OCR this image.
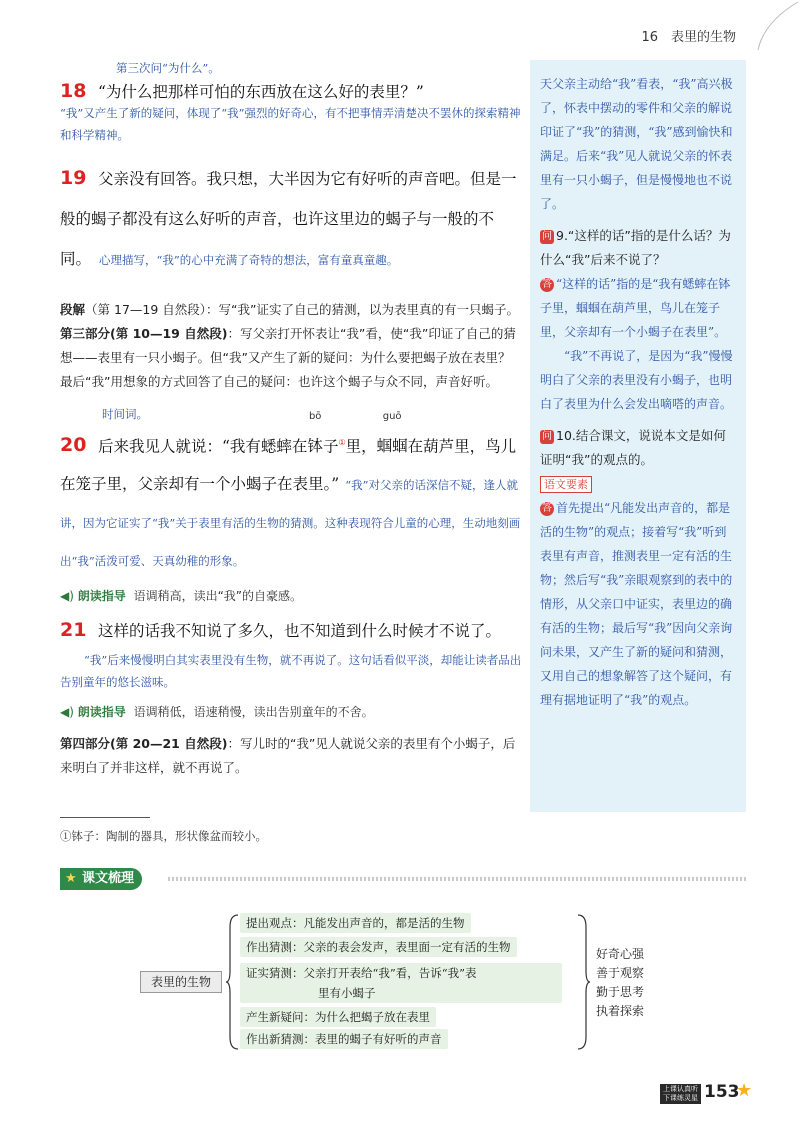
16　表里的生物
第三次问“为什么”。
18 “为什么把那样可怕的东西放在这么好的表里？”
“我”又产生了新的疑问，体现了“我”强烈的好奇心，有不把事情弄清楚决不罢休的探索精神和科学精神。
19 父亲没有回答。我只想，大半因为它有好听的声音吧。但是一般的蝎子都没有这么好听的声音，也许这里边的蝎子与一般的不同。 心理描写，“我”的心中充满了奇特的想法，富有童真童趣。
段解（第 17—19 自然段）：写“我”证实了自己的猜测，以为表里真的有一只蝎子。
第三部分(第 10—19 自然段)：写父亲打开怀表让“我”看，使“我”印证了自己的猜想——表里有一只小蝎子。但“我”又产生了新的疑问：为什么要把蝎子放在表里？最后“我”用想象的方式回答了自己的疑问：也许这个蝎子与众不同，声音好听。
时间词。
20 后来我见人就说：“我有蟋蟀在
bō
钵子①里，
guō
蝈蝈在葫芦里，鸟儿在笼子里，父亲却有一个小蝎子在表里。” “我”对父亲的话深信不疑，逢人就讲，因为它证实了“我”关于表里有活的生物的猜测。这种表现符合儿童的心理，生动地刻画出“我”活泼可爱、天真幼稚的形象。
◀) 朗读指导 语调稍高，读出“我”的自豪感。
21 这样的话我不知说了多久，也不知道到什么时候才不说了。
“我”后来慢慢明白其实表里没有生物，就不再说了。这句话看似平淡，却能让读者品出告别童年的悠长滋味。
◀) 朗读指导 语调稍低，语速稍慢，读出告别童年的不舍。
第四部分(第 20—21 自然段)：写儿时的“我”见人就说父亲的表里有个小蝎子，后来明白了并非这样，就不再说了。
天父亲主动给“我”看表，“我”高兴极了，怀表中摆动的零件和父亲的解说印证了“我”的猜测，“我”感到愉快和满足。后来“我”见人就说父亲的怀表里有一只小蝎子，但是慢慢地也不说了。
问 9.“这样的话”指的是什么话？为什么“我”后来不说了？
答 “这样的话”指的是“我有蟋蟀在钵子里，蝈蝈在葫芦里，鸟儿在笼子里，父亲却有一个小蝎子在表里”。
“我”不再说了，是因为“我”慢慢明白了父亲的表里没有小蝎子，也明白了表里为什么会发出嘀嗒的声音。
问 10.结合课文，说说本文是如何证明“我”的观点的。
语文要素
答 首先提出“凡能发出声音的，都是活的生物”的观点；接着写“我”听到表里有声音，推测表里一定有活的生物；然后写“我”亲眼观察到的表中的情形，从父亲口中证实，表里边的确有活的生物；最后写“我”因向父亲询问未果，又产生了新的疑问和猜测，又用自己的想象解答了这个疑问，有理有据地证明了“我”的观点。
①钵子：陶制的器具，形状像盆而较小。
★ 课文梳理
表里的生物
提出观点：凡能发出声音的，都是活的生物
作出猜测：父亲的表会发声，表里面一定有活的生物
证实猜测：父亲打开表给“我”看，告诉“我”表
里有小蝎子
产生新疑问：为什么把蝎子放在表里
作出新猜测：表里的蝎子有好听的声音
好奇心强
善于观察
勤于思考
执着探索
上课认真听
下课练灵星 153
★
